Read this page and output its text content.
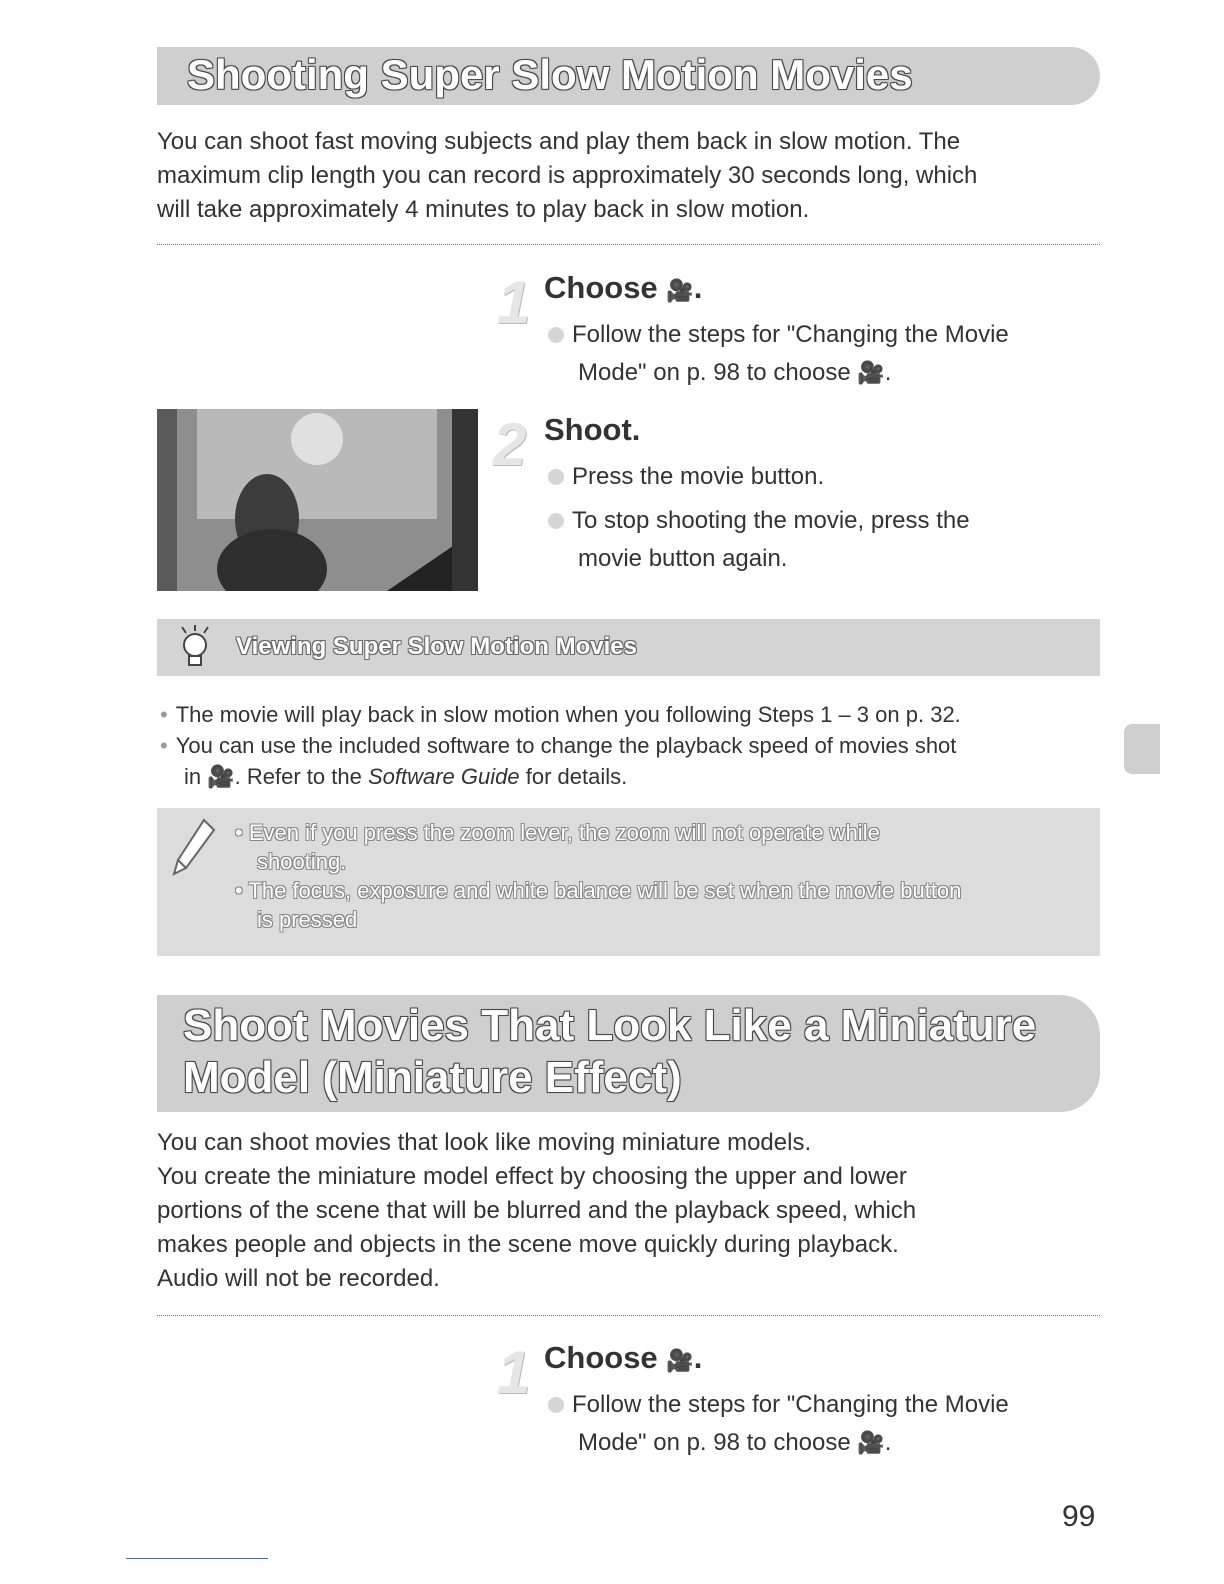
Shooting Super Slow Motion Movies
You can shoot fast moving subjects and play them back in slow motion. The
maximum clip length you can record is approximately 30 seconds long, which
will take approximately 4 minutes to play back in slow motion.
1 Choose 🎥.
Follow the steps for "Changing the Movie
Mode" on p. 98 to choose 🎥.
2 Shoot.
Press the movie button.
To stop shooting the movie, press the
movie button again.
Viewing Super Slow Motion Movies
• The movie will play back in slow motion when you following Steps 1 – 3 on p. 32.
• You can use the included software to change the playback speed of movies shot
in 🎥. Refer to the Software Guide for details.
• Even if you press the zoom lever, the zoom will not operate while
shooting.
• The focus, exposure and white balance will be set when the movie button
is pressed
Shoot Movies That Look Like a Miniature
Model (Miniature Effect)
You can shoot movies that look like moving miniature models.
You create the miniature model effect by choosing the upper and lower
portions of the scene that will be blurred and the playback speed, which
makes people and objects in the scene move quickly during playback.
Audio will not be recorded.
1 Choose 🎥.
Follow the steps for "Changing the Movie
Mode" on p. 98 to choose 🎥.
99
